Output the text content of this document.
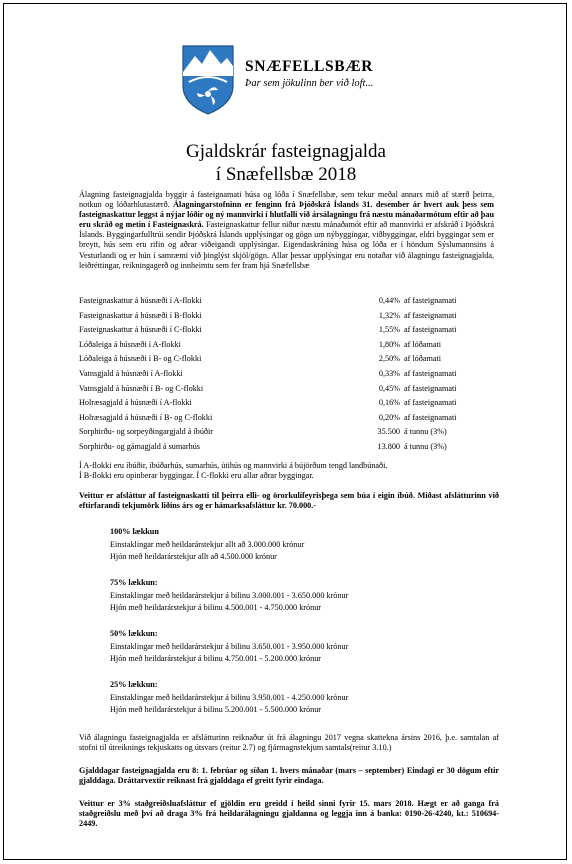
SNÆFELLSBÆR
Þar sem jökulinn ber við loft...
Gjaldskrár fasteignagjalda
í Snæfellsbæ 2018
Álagning fasteignagjalda byggir á fasteignamati húsa og lóða í Snæfellsbæ, sem tekur meðal annars mið af stærð þeirra, notkun og lóðarhlutastærð. Álagningarstofninn er fenginn frá Þjóðskrá Íslands 31. desember ár hvert auk þess sem fasteignaskattur leggst á nýjar lóðir og ný mannvirki í hlutfalli við ársálagningu frá næstu mánaðarmótum eftir að þau eru skráð og metin í Fasteignaskrá. Fasteignaskattur fellur niður næstu mánaðamót eftir að mannvirki er afskráð í Þjóðskrá Íslands. Byggingarfulltrúi sendir Þjóðskrá Íslands upplýsingar og gögn um nýbyggingar, viðbyggingar, eldri byggingar sem er breytt, hús sem eru rifin og aðrar viðeigandi upplýsingar. Eigendaskráning húsa og lóða er í höndum Sýslumannsins á Vesturlandi og er hún í samræmi við þinglýst skjöl/gögn. Allar þessar upplýsingar eru notaðar við álagningu fasteignagjalda, leiðréttingar, reikningagerð og innheimtu sem fer fram hjá Snæfellsbæ
Fasteignaskattur á húsnæði í A-flokki	0,44%	af fasteignamati
Fasteignaskattur á húsnæði í B-flokki	1,32%	af fasteignamati
Fasteignaskattur á húsnæði í C-flokki	1,55%	af fasteignamati
Lóðaleiga á húsnæði í A-flokki	1,80%	af lóðamati
Lóðaleiga á húsnæði í B- og C-flokki	2,50%	af lóðamati
Vatnsgjald á húsnæði í A-flokki	0,33%	af fasteignamati
Vatnsgjald á húsnæði í B- og C-flokki	0,45%	af fasteignamati
Holræsagjald á húsnæði í A-flokki	0,16%	af fasteignamati
Holræsagjald á húsnæði í B- og C-flokki	0,20%	af fasteignamati
Sorphirðu- og sorpeyðingargjald á íbúðir	35.500	á tunnu (3%)
Sorphirðu- og gámagjald á sumarhús	13.800	á tunnu (3%)
Í A-flokki eru íbúðir, íbúðarhús, sumarhús, útihús og mannvirki á bújörðum tengd landbúnaði.
Í B-flokki eru opinberar byggingar. Í C-flokki eru allar aðrar byggingar.
Veittur er afsláttur af fasteignaskatti til þeirra elli- og örorkulífeyrisþega sem búa í eigin íbúð. Miðast afslátturinn við eftirfarandi tekjumörk liðins árs og er hámarksafsláttur kr. 70.000.-
100% lækkun
Einstaklingar með heildarárstekjur allt að 3.000.000 krónur
Hjón með heildarárstekjur allt að 4.500.000 krónur
75% lækkun:
Einstaklingar með heildarárstekjur á bilinu 3.000.001 - 3.650.000 krónur
Hjón með heildarárstekjur á bilinu 4.500.001 - 4.750.000 krónur
50% lækkun:
Einstaklingar með heildarárstekjur á bilinu 3.650.001 - 3.950.000 krónur
Hjón með heildarárstekjur á bilinu 4.750.001 - 5.200.000 krónur
25% lækkun:
Einstaklingar með heildarárstekjur á bilinu 3.950.001 - 4.250.000 krónur
Hjón með heildarárstekjur á bilinu 5.200.001 - 5.500.000 krónur
Við álagningu fasteignagjalda er afslátturinn reiknaður út frá álagningu 2017 vegna skattekna ársins 2016, þ.e. samtalan af stofni til útreiknings tekjuskatts og útsvars (reitur 2.7) og fjármagnstekjum samtals(reitur 3.10.)
Gjalddagar fasteignagjalda eru 8: 1. febrúar og síðan 1. hvers mánaðar (mars – september) Eindagi er 30 dögum eftir gjalddaga. Dráttarvextir reiknast frá gjalddaga ef greitt fyrir eindaga.
Veittur er 3% staðgreiðsluafsláttur ef gjöldin eru greidd í heild sinni fyrir 15. mars 2018. Hægt er að ganga frá staðgreiðslu með því að draga 3% frá heildarálagningu gjaldanna og leggja inn á banka: 0190-26-4240, kt.: 510694-2449.
